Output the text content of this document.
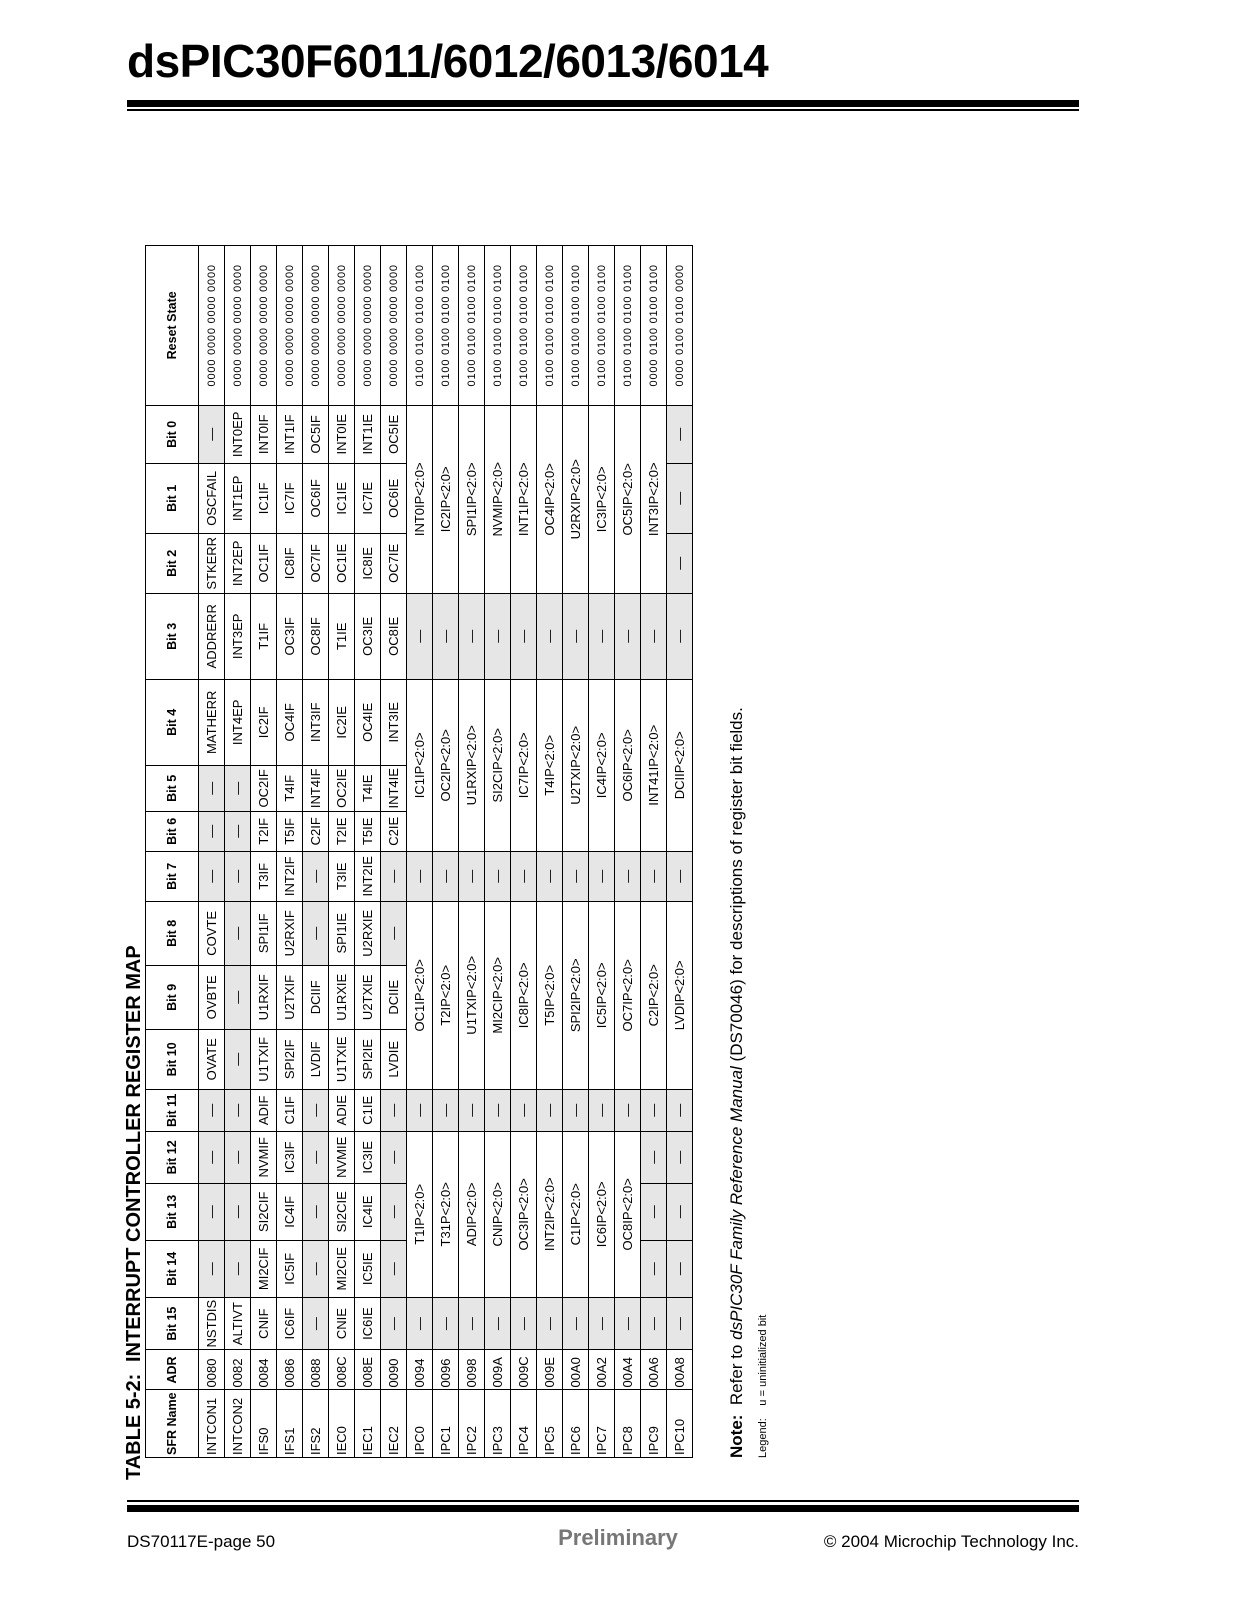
dsPIC30F6011/6012/6013/6014
TABLE 5-2:INTERRUPT CONTROLLER REGISTER MAP
SFR Name	ADR	Bit 15	Bit 14	Bit 13	Bit 12	Bit 11	Bit 10	Bit 9	Bit 8	Bit 7	Bit 6	Bit 5	Bit 4	Bit 3	Bit 2	Bit 1	Bit 0	Reset State
INTCON1	0080	NSTDIS	—	—	—	—	OVATE	OVBTE	COVTE	—	—	—	MATHERR	ADDRERR	STKERR	OSCFAIL	—	0000 0000 0000 0000
INTCON2	0082	ALTIVT	—	—	—	—	—	—	—	—	—	—	INT4EP	INT3EP	INT2EP	INT1EP	INT0EP	0000 0000 0000 0000
IFS0	0084	CNIF	MI2CIF	SI2CIF	NVMIF	ADIF	U1TXIF	U1RXIF	SPI1IF	T3IF	T2IF	OC2IF	IC2IF	T1IF	OC1IF	IC1IF	INT0IF	0000 0000 0000 0000
IFS1	0086	IC6IF	IC5IF	IC4IF	IC3IF	C1IF	SPI2IF	U2TXIF	U2RXIF	INT2IF	T5IF	T4IF	OC4IF	OC3IF	IC8IF	IC7IF	INT1IF	0000 0000 0000 0000
IFS2	0088	—	—	—	—	—	LVDIF	DCIIF	—	—	C2IF	INT4IF	INT3IF	OC8IF	OC7IF	OC6IF	OC5IF	0000 0000 0000 0000
IEC0	008C	CNIE	MI2CIE	SI2CIE	NVMIE	ADIE	U1TXIE	U1RXIE	SPI1IE	T3IE	T2IE	OC2IE	IC2IE	T1IE	OC1IE	IC1IE	INT0IE	0000 0000 0000 0000
IEC1	008E	IC6IE	IC5IE	IC4IE	IC3IE	C1IE	SPI2IE	U2TXIE	U2RXIE	INT2IE	T5IE	T4IE	OC4IE	OC3IE	IC8IE	IC7IE	INT1IE	0000 0000 0000 0000
IEC2	0090	—	—	—	—	—	LVDIE	DCIIE	—	—	C2IE	INT4IE	INT3IE	OC8IE	OC7IE	OC6IE	OC5IE	0000 0000 0000 0000
IPC0	0094	—	T1IP<2:0>			—	OC1IP<2:0>			—	IC1IP<2:0>			—	INT0IP<2:0>			0100 0100 0100 0100
IPC1	0096	—	T31P<2:0>			—	T2IP<2:0>			—	OC2IP<2:0>			—	IC2IP<2:0>			0100 0100 0100 0100
IPC2	0098	—	ADIP<2:0>			—	U1TXIP<2:0>			—	U1RXIP<2:0>			—	SPI1IP<2:0>			0100 0100 0100 0100
IPC3	009A	—	CNIP<2:0>			—	MI2CIP<2:0>			—	SI2CIP<2:0>			—	NVMIP<2:0>			0100 0100 0100 0100
IPC4	009C	—	OC3IP<2:0>			—	IC8IP<2:0>			—	IC7IP<2:0>			—	INT1IP<2:0>			0100 0100 0100 0100
IPC5	009E	—	INT2IP<2:0>			—	T5IP<2:0>			—	T4IP<2:0>			—	OC4IP<2:0>			0100 0100 0100 0100
IPC6	00A0	—	C1IP<2:0>			—	SPI2IP<2:0>			—	U2TXIP<2:0>			—	U2RXIP<2:0>			0100 0100 0100 0100
IPC7	00A2	—	IC6IP<2:0>			—	IC5IP<2:0>			—	IC4IP<2:0>			—	IC3IP<2:0>			0100 0100 0100 0100
IPC8	00A4	—	OC8IP<2:0>			—	OC7IP<2:0>			—	OC6IP<2:0>			—	OC5IP<2:0>			0100 0100 0100 0100
IPC9	00A6	—	—	—	—	—	C2IP<2:0>			—	INT41IP<2:0>			—	INT3IP<2:0>			0000 0100 0100 0100
IPC10	00A8	—	—	—	—	—	LVDIP<2:0>			—	DCIIP<2:0>			—	—	—	—	0000 0100 0100 0000
Legend:u = uninitialized bit
Note:  Refer to dsPIC30F Family Reference Manual (DS70046) for descriptions of register bit fields.
DS70117E-page 50	Preliminary	© 2004 Microchip Technology Inc.
